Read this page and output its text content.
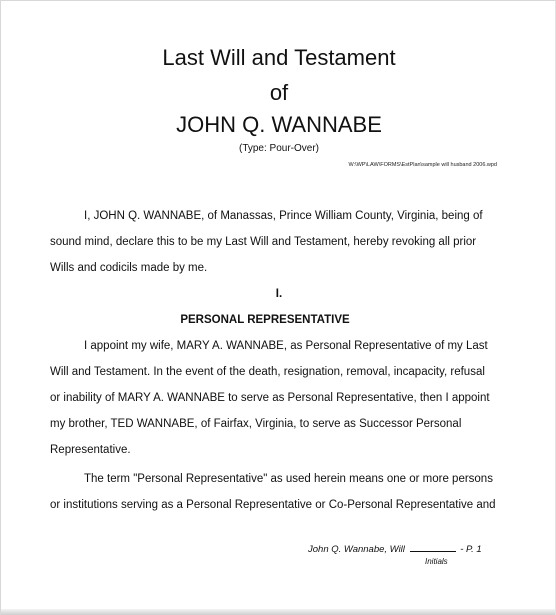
Last Will and Testament
of
JOHN Q. WANNABE
(Type: Pour-Over)
W:\WP\LAW\FORMS\EstPlan\sample will husband 2006.wpd
I, JOHN Q. WANNABE, of Manassas, Prince William County, Virginia, being of
sound mind, declare this to be my Last Will and Testament, hereby revoking all prior
Wills and codicils made by me.
I.
PERSONAL REPRESENTATIVE
I appoint my wife, MARY A. WANNABE, as Personal Representative of my Last
Will and Testament. In the event of the death, resignation, removal, incapacity, refusal
or inability of MARY A. WANNABE to serve as Personal Representative, then I appoint
my brother, TED WANNABE, of Fairfax, Virginia, to serve as Successor Personal
Representative.
The term "Personal Representative" as used herein means one or more persons
or institutions serving as a Personal Representative or Co-Personal Representative and
John Q. Wannabe, Will	- P. 1
Initials
